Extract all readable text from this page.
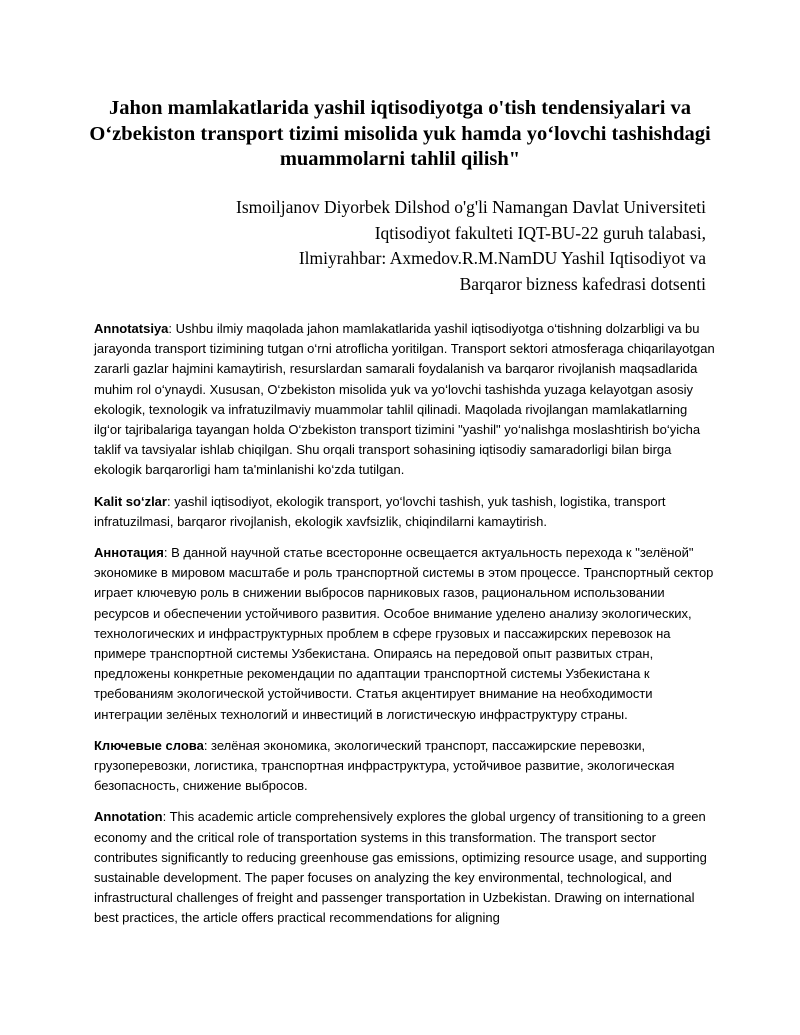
Jahon mamlakatlarida yashil iqtisodiyotga o'tish tendensiyalari va O‘zbekiston transport tizimi misolida yuk hamda yo‘lovchi tashishdagi muammolarni tahlil qilish"
Ismoiljanov Diyorbek Dilshod o'g'li Namangan Davlat Universiteti
Iqtisodiyot fakulteti IQT-BU-22 guruh talabasi,
Ilmiyrahbar: Axmedov.R.M.NamDU Yashil Iqtisodiyot va
Barqaror bizness kafedrasi dotsenti

Annotatsiya: Ushbu ilmiy maqolada jahon mamlakatlarida yashil iqtisodiyotga o‘tishning dolzarbligi va bu jarayonda transport tizimining tutgan o‘rni atroflicha yoritilgan. Transport sektori atmosferaga chiqarilayotgan zararli gazlar hajmini kamaytirish, resurslardan samarali foydalanish va barqaror rivojlanish maqsadlarida muhim rol o‘ynaydi. Xususan, O‘zbekiston misolida yuk va yo‘lovchi tashishda yuzaga kelayotgan asosiy ekologik, texnologik va infratuzilmaviy muammolar tahlil qilinadi. Maqolada rivojlangan mamlakatlarning ilg‘or tajribalariga tayangan holda O‘zbekiston transport tizimini "yashil" yo‘nalishga moslashtirish bo‘yicha taklif va tavsiyalar ishlab chiqilgan. Shu orqali transport sohasining iqtisodiy samaradorligi bilan birga ekologik barqarorligi ham ta'minlanishi ko‘zda tutilgan.

Kalit so‘zlar: yashil iqtisodiyot, ekologik transport, yo‘lovchi tashish, yuk tashish, logistika, transport infratuzilmasi, barqaror rivojlanish, ekologik xavfsizlik, chiqindilarni kamaytirish.

Аннотация: В данной научной статье всесторонне освещается актуальность перехода к "зелёной" экономике в мировом масштабе и роль транспортной системы в этом процессе. Транспортный сектор играет ключевую роль в снижении выбросов парниковых газов, рациональном использовании ресурсов и обеспечении устойчивого развития. Особое внимание уделено анализу экологических, технологических и инфраструктурных проблем в сфере грузовых и пассажирских перевозок на примере транспортной системы Узбекистана. Опираясь на передовой опыт развитых стран, предложены конкретные рекомендации по адаптации транспортной системы Узбекистана к требованиям экологической устойчивости. Статья акцентирует внимание на необходимости интеграции зелёных технологий и инвестиций в логистическую инфраструктуру страны.

Ключевые слова: зелёная экономика, экологический транспорт, пассажирские перевозки, грузоперевозки, логистика, транспортная инфраструктура, устойчивое развитие, экологическая безопасность, снижение выбросов.

Annotation: This academic article comprehensively explores the global urgency of transitioning to a green economy and the critical role of transportation systems in this transformation. The transport sector contributes significantly to reducing greenhouse gas emissions, optimizing resource usage, and supporting sustainable development. The paper focuses on analyzing the key environmental, technological, and infrastructural challenges of freight and passenger transportation in Uzbekistan. Drawing on international best practices, the article offers practical recommendations for aligning
